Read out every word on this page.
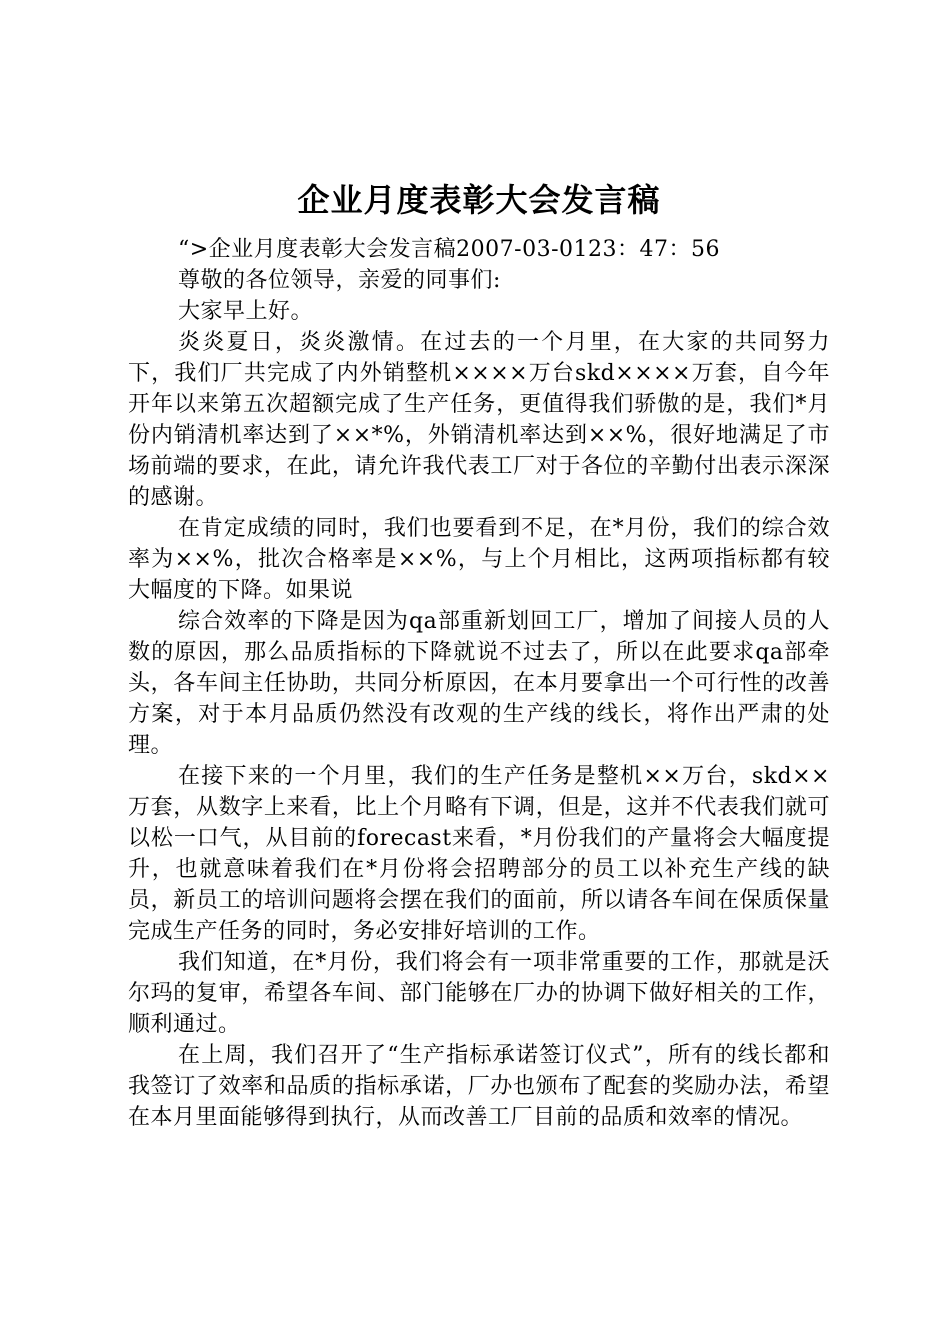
企业月度表彰大会发言稿

“>企业月度表彰大会发言稿2007-03-0123：47：56

尊敬的各位领导，亲爱的同事们:

大家早上好。

炎炎夏日，炎炎激情。在过去的一个月里，在大家的共同努力下，我们厂共完成了内外销整机××××万台skd××××万套，自今年开年以来第五次超额完成了生产任务，更值得我们骄傲的是，我们*月份内销清机率达到了××*%，外销清机率达到××%，很好地满足了市场前端的要求，在此，请允许我代表工厂对于各位的辛勤付出表示深深的感谢。

在肯定成绩的同时，我们也要看到不足，在*月份，我们的综合效率为××%，批次合格率是××%，与上个月相比，这两项指标都有较大幅度的下降。如果说

综合效率的下降是因为qa部重新划回工厂，增加了间接人员的人数的原因，那么品质指标的下降就说不过去了，所以在此要求qa部牵头，各车间主任协助，共同分析原因，在本月要拿出一个可行性的改善方案，对于本月品质仍然没有改观的生产线的线长，将作出严肃的处理。

在接下来的一个月里，我们的生产任务是整机××万台，skd××万套，从数字上来看，比上个月略有下调，但是，这并不代表我们就可以松一口气，从目前的forecast来看，*月份我们的产量将会大幅度提升，也就意味着我们在*月份将会招聘部分的员工以补充生产线的缺员，新员工的培训问题将会摆在我们的面前，所以请各车间在保质保量完成生产任务的同时，务必安排好培训的工作。

我们知道，在*月份，我们将会有一项非常重要的工作，那就是沃尔玛的复审，希望各车间、部门能够在厂办的协调下做好相关的工作，顺利通过。

在上周，我们召开了“生产指标承诺签订仪式”，所有的线长都和我签订了效率和品质的指标承诺，厂办也颁布了配套的奖励办法，希望在本月里面能够得到执行，从而改善工厂目前的品质和效率的情况。
